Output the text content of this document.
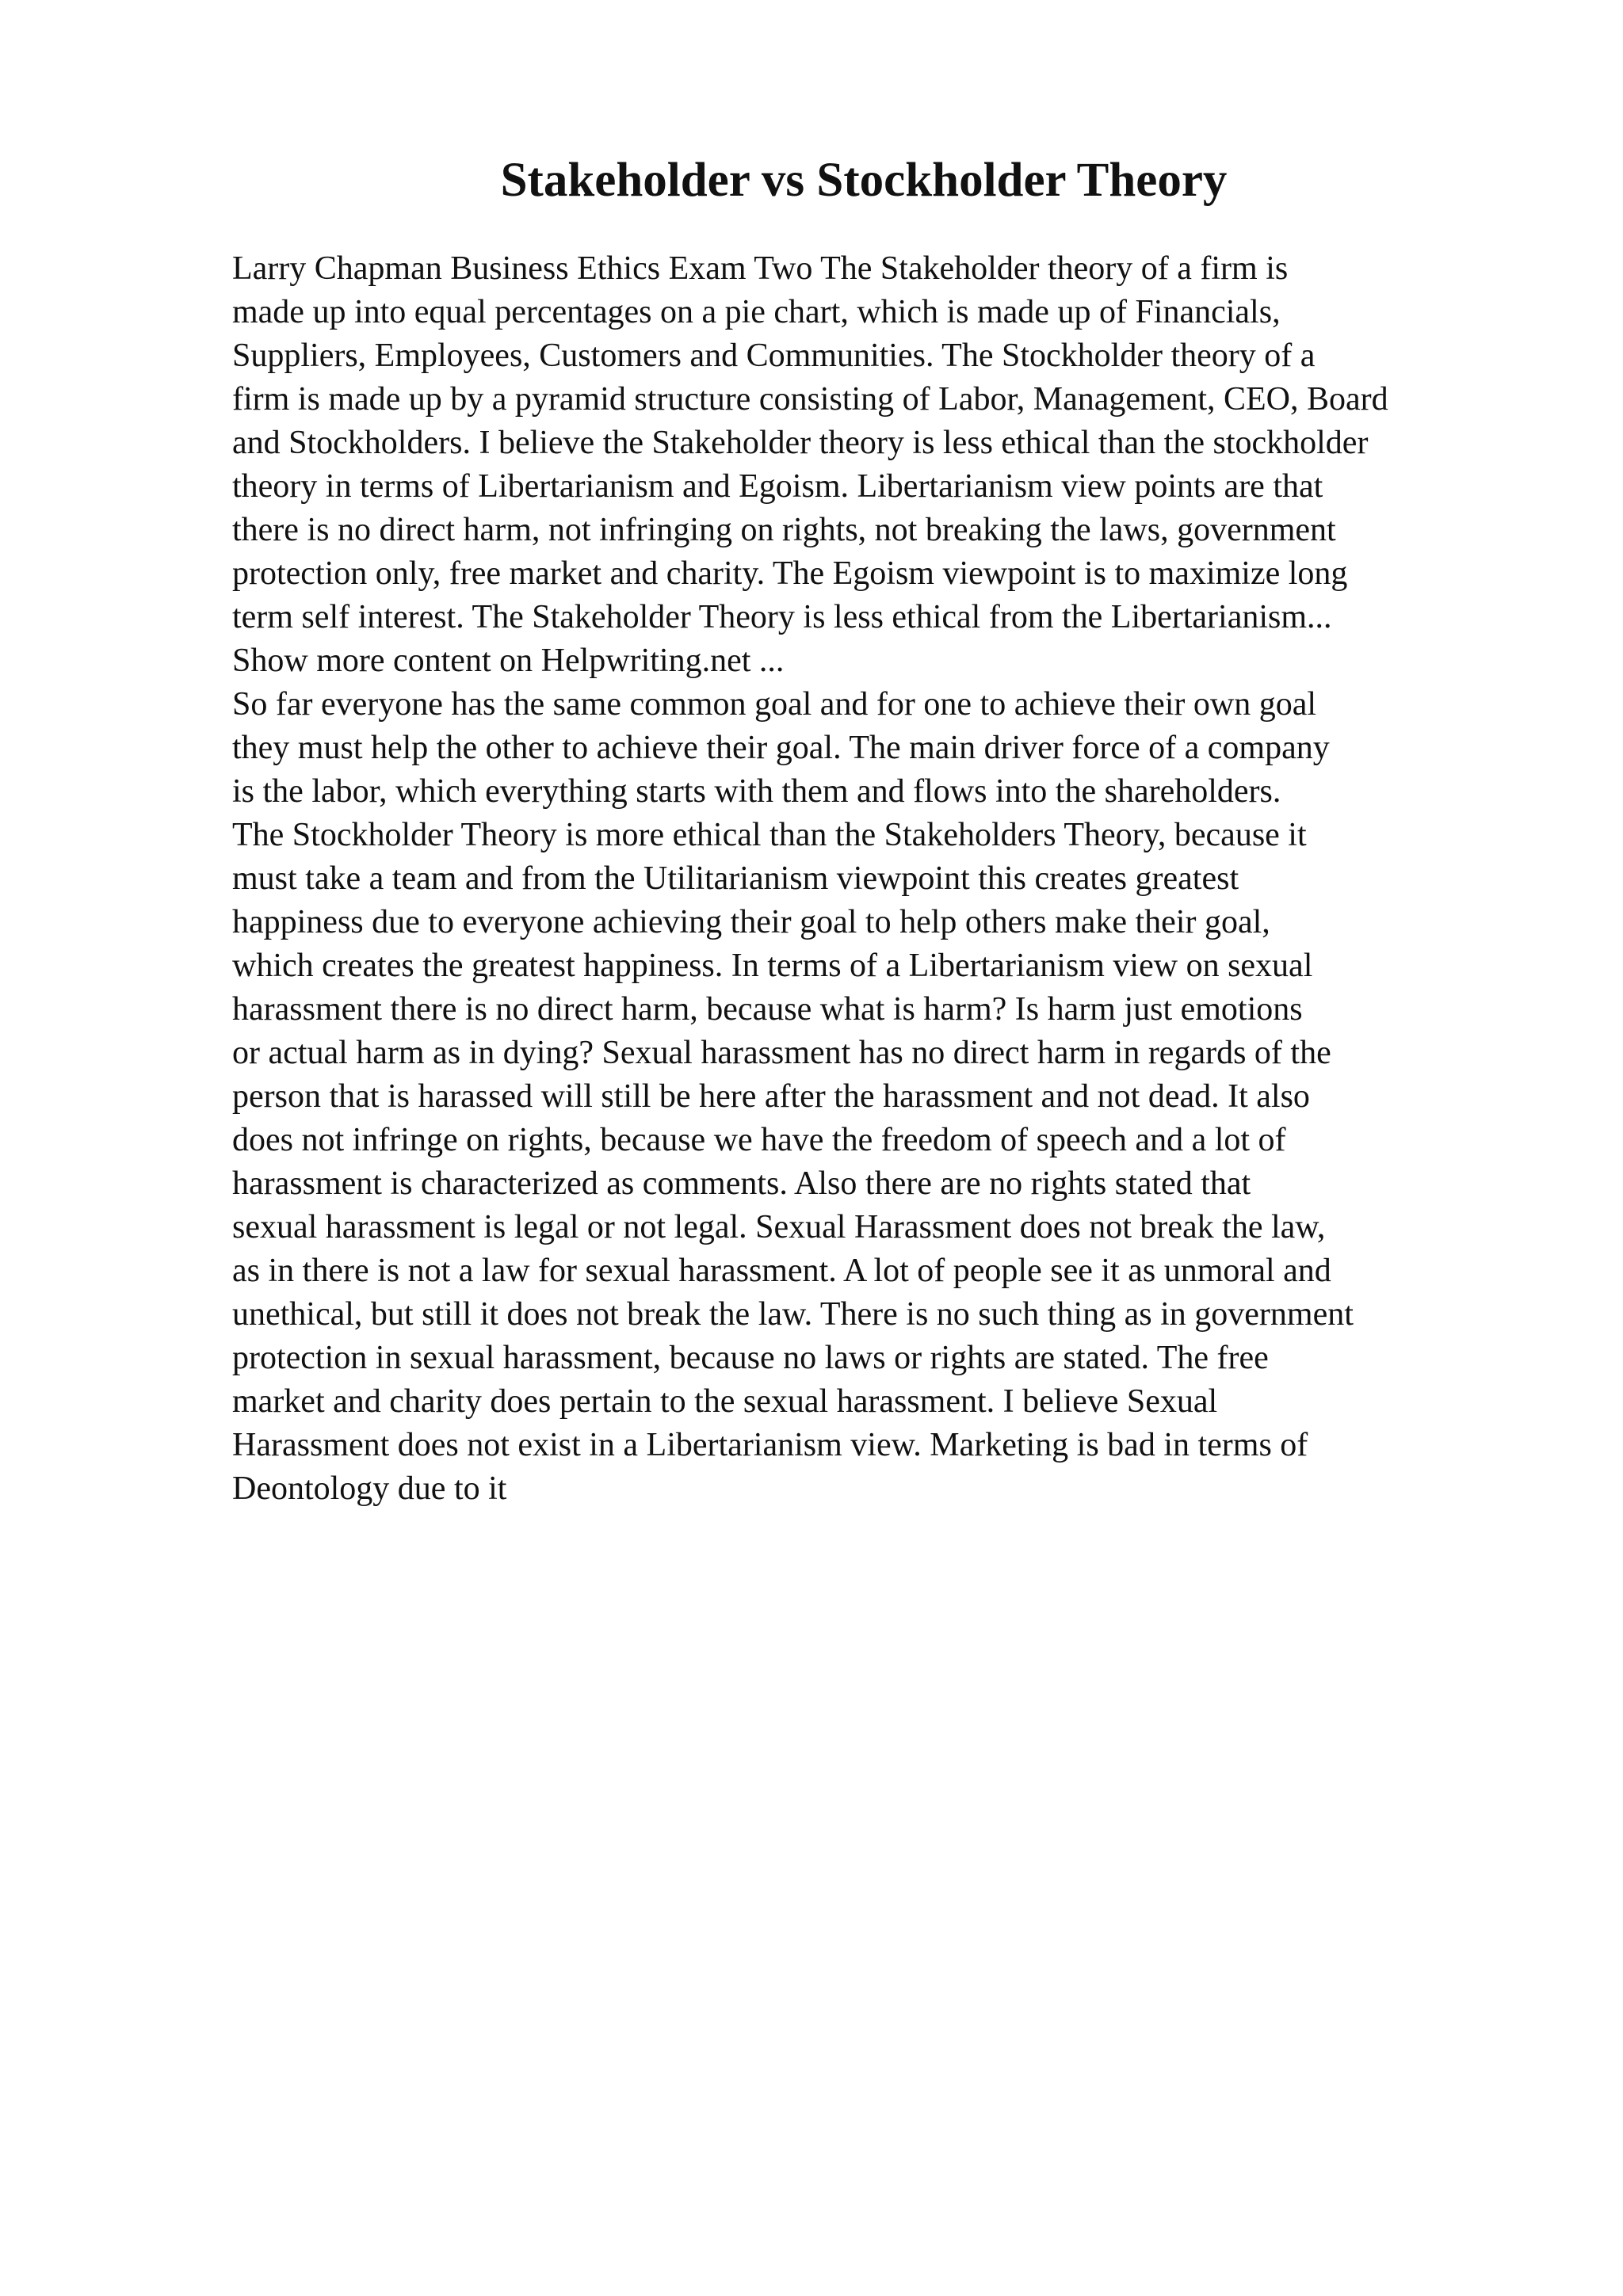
Stakeholder vs Stockholder Theory
Larry Chapman Business Ethics Exam Two The Stakeholder theory of a firm is
made up into equal percentages on a pie chart, which is made up of Financials,
Suppliers, Employees, Customers and Communities. The Stockholder theory of a
firm is made up by a pyramid structure consisting of Labor, Management, CEO, Board
and Stockholders. I believe the Stakeholder theory is less ethical than the stockholder
theory in terms of Libertarianism and Egoism. Libertarianism view points are that
there is no direct harm, not infringing on rights, not breaking the laws, government
protection only, free market and charity. The Egoism viewpoint is to maximize long
term self interest. The Stakeholder Theory is less ethical from the Libertarianism...
Show more content on Helpwriting.net ...
So far everyone has the same common goal and for one to achieve their own goal
they must help the other to achieve their goal. The main driver force of a company
is the labor, which everything starts with them and flows into the shareholders.
The Stockholder Theory is more ethical than the Stakeholders Theory, because it
must take a team and from the Utilitarianism viewpoint this creates greatest
happiness due to everyone achieving their goal to help others make their goal,
which creates the greatest happiness. In terms of a Libertarianism view on sexual
harassment there is no direct harm, because what is harm? Is harm just emotions
or actual harm as in dying? Sexual harassment has no direct harm in regards of the
person that is harassed will still be here after the harassment and not dead. It also
does not infringe on rights, because we have the freedom of speech and a lot of
harassment is characterized as comments. Also there are no rights stated that
sexual harassment is legal or not legal. Sexual Harassment does not break the law,
as in there is not a law for sexual harassment. A lot of people see it as unmoral and
unethical, but still it does not break the law. There is no such thing as in government
protection in sexual harassment, because no laws or rights are stated. The free
market and charity does pertain to the sexual harassment. I believe Sexual
Harassment does not exist in a Libertarianism view. Marketing is bad in terms of
Deontology due to it
